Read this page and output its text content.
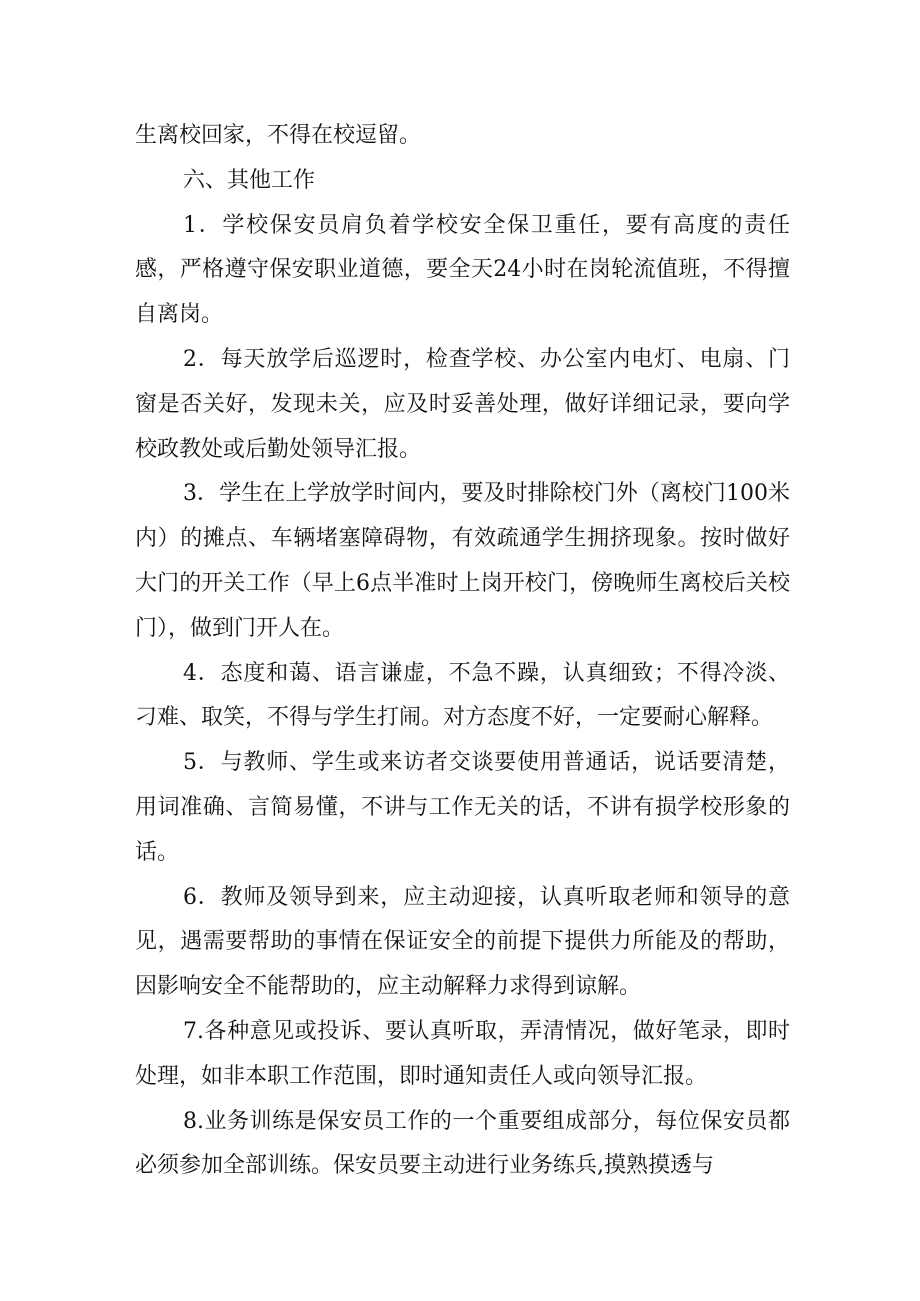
生离校回家，不得在校逗留。

六、其他工作

1．学校保安员肩负着学校安全保卫重任，要有高度的责任感，严格遵守保安职业道德，要全天24小时在岗轮流值班，不得擅自离岗。

2．每天放学后巡逻时，检查学校、办公室内电灯、电扇、门窗是否关好，发现未关，应及时妥善处理，做好详细记录，要向学校政教处或后勤处领导汇报。

3．学生在上学放学时间内，要及时排除校门外（离校门100米内）的摊点、车辆堵塞障碍物，有效疏通学生拥挤现象。按时做好大门的开关工作（早上6点半准时上岗开校门，傍晚师生离校后关校门），做到门开人在。

4．态度和蔼、语言谦虚，不急不躁，认真细致；不得冷淡、刁难、取笑，不得与学生打闹。对方态度不好，一定要耐心解释。

5．与教师、学生或来访者交谈要使用普通话，说话要清楚，用词准确、言简易懂，不讲与工作无关的话，不讲有损学校形象的话。

6．教师及领导到来，应主动迎接，认真听取老师和领导的意见，遇需要帮助的事情在保证安全的前提下提供力所能及的帮助，因影响安全不能帮助的，应主动解释力求得到谅解。

7.各种意见或投诉、要认真听取，弄清情况，做好笔录，即时处理，如非本职工作范围，即时通知责任人或向领导汇报。

8.业务训练是保安员工作的一个重要组成部分，每位保安员都必须参加全部训练。保安员要主动进行业务练兵,摸熟摸透与
